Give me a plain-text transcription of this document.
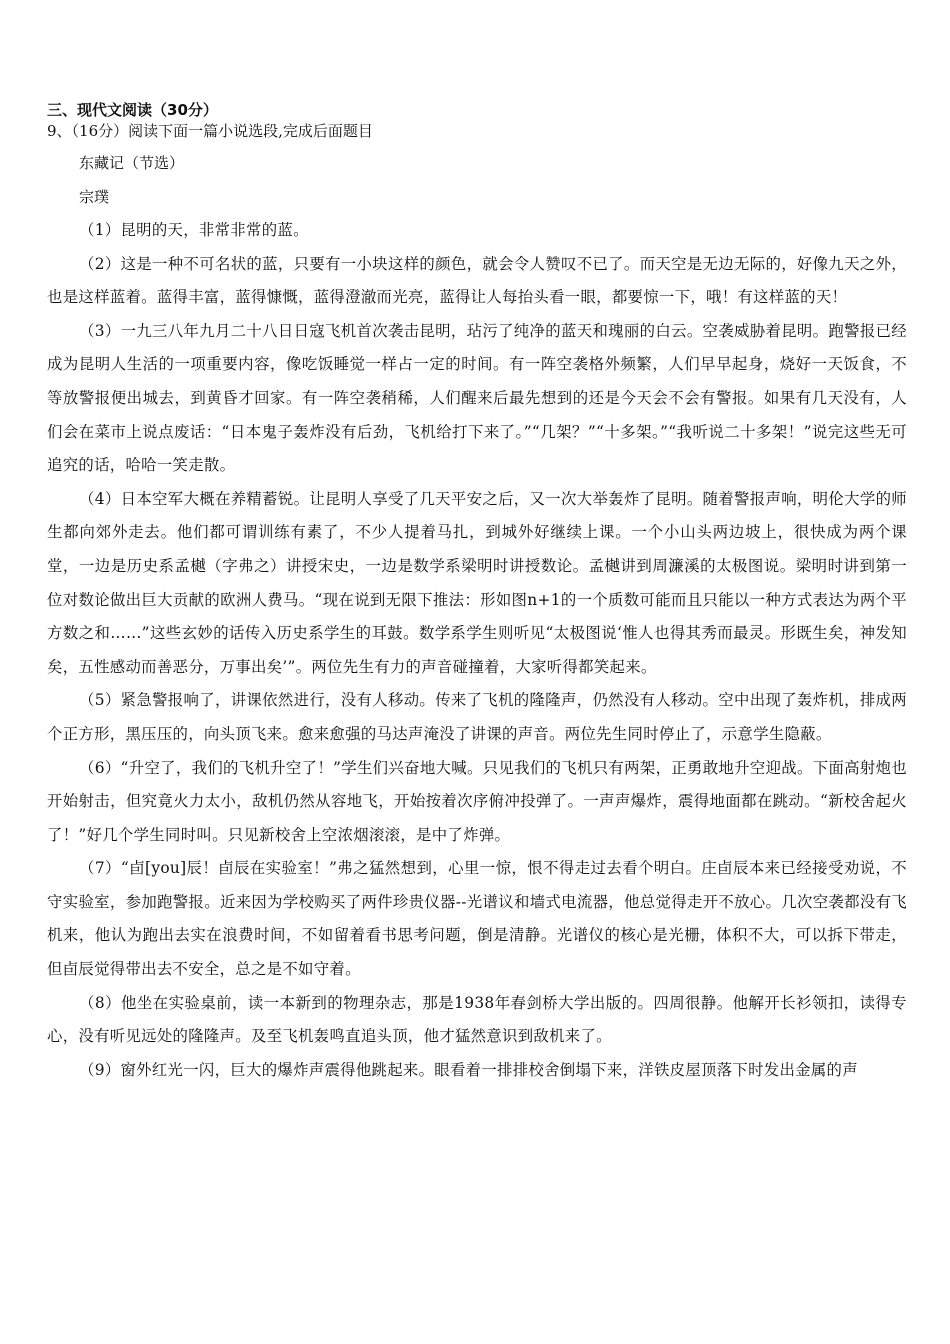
三、现代文阅读（30分）

9、（16分）阅读下面一篇小说选段,完成后面题目

东藏记（节选）

宗璞

（1）昆明的天，非常非常的蓝。

（2）这是一种不可名状的蓝，只要有一小块这样的颜色，就会令人赞叹不已了。而天空是无边无际的，好像九天之外，也是这样蓝着。蓝得丰富，蓝得慷慨，蓝得澄澈而光亮，蓝得让人每抬头看一眼，都要惊一下，哦！有这样蓝的天！

（3）一九三八年九月二十八日日寇飞机首次袭击昆明，玷污了纯净的蓝天和瑰丽的白云。空袭威胁着昆明。跑警报已经成为昆明人生活的一项重要内容，像吃饭睡觉一样占一定的时间。有一阵空袭格外频繁，人们早早起身，烧好一天饭食，不等放警报便出城去，到黄昏才回家。有一阵空袭稍稀，人们醒来后最先想到的还是今天会不会有警报。如果有几天没有，人们会在菜市上说点废话：“日本鬼子轰炸没有后劲，飞机给打下来了。”“几架？”“十多架。”“我听说二十多架！”说完这些无可追究的话，哈哈一笑走散。

（4）日本空军大概在养精蓄锐。让昆明人享受了几天平安之后，又一次大举轰炸了昆明。随着警报声响，明伦大学的师生都向郊外走去。他们都可谓训练有素了，不少人提着马扎，到城外好继续上课。一个小山头两边坡上，很快成为两个课堂，一边是历史系孟樾（字弗之）讲授宋史，一边是数学系梁明时讲授数论。孟樾讲到周濂溪的太极图说。梁明时讲到第一位对数论做出巨大贡献的欧洲人费马。“现在说到无限下推法：形如图n+1的一个质数可能而且只能以一种方式表达为两个平方数之和……”这些玄妙的话传入历史系学生的耳鼓。数学系学生则听见“太极图说‘惟人也得其秀而最灵。形既生矣，神发知矣，五性感动而善恶分，万事出矣’”。两位先生有力的声音碰撞着，大家听得都笑起来。

（5）紧急警报响了，讲课依然进行，没有人移动。传来了飞机的隆隆声，仍然没有人移动。空中出现了轰炸机，排成两个正方形，黑压压的，向头顶飞来。愈来愈强的马达声淹没了讲课的声音。两位先生同时停止了，示意学生隐蔽。

（6）“升空了，我们的飞机升空了！”学生们兴奋地大喊。只见我们的飞机只有两架，正勇敢地升空迎战。下面高射炮也开始射击，但究竟火力太小，敌机仍然从容地飞，开始按着次序俯冲投弹了。一声声爆炸，震得地面都在跳动。“新校舍起火了！”好几个学生同时叫。只见新校舍上空浓烟滚滚，是中了炸弹。

（7）“卣[you]辰！卣辰在实验室！”弗之猛然想到，心里一惊，恨不得走过去看个明白。庄卣辰本来已经接受劝说，不守实验室，参加跑警报。近来因为学校购买了两件珍贵仪器--光谱议和墙式电流器，他总觉得走开不放心。几次空袭都没有飞机来，他认为跑出去实在浪费时间，不如留着看书思考问题，倒是清静。光谱仪的核心是光栅，体积不大，可以拆下带走，但卣辰觉得带出去不安全，总之是不如守着。

（8）他坐在实验桌前，读一本新到的物理杂志，那是1938年春剑桥大学出版的。四周很静。他解开长衫领扣，读得专心，没有听见远处的隆隆声。及至飞机轰鸣直追头顶，他才猛然意识到敌机来了。

（9）窗外红光一闪，巨大的爆炸声震得他跳起来。眼看着一排排校舍倒塌下来，洋铁皮屋顶落下时发出金属的声
